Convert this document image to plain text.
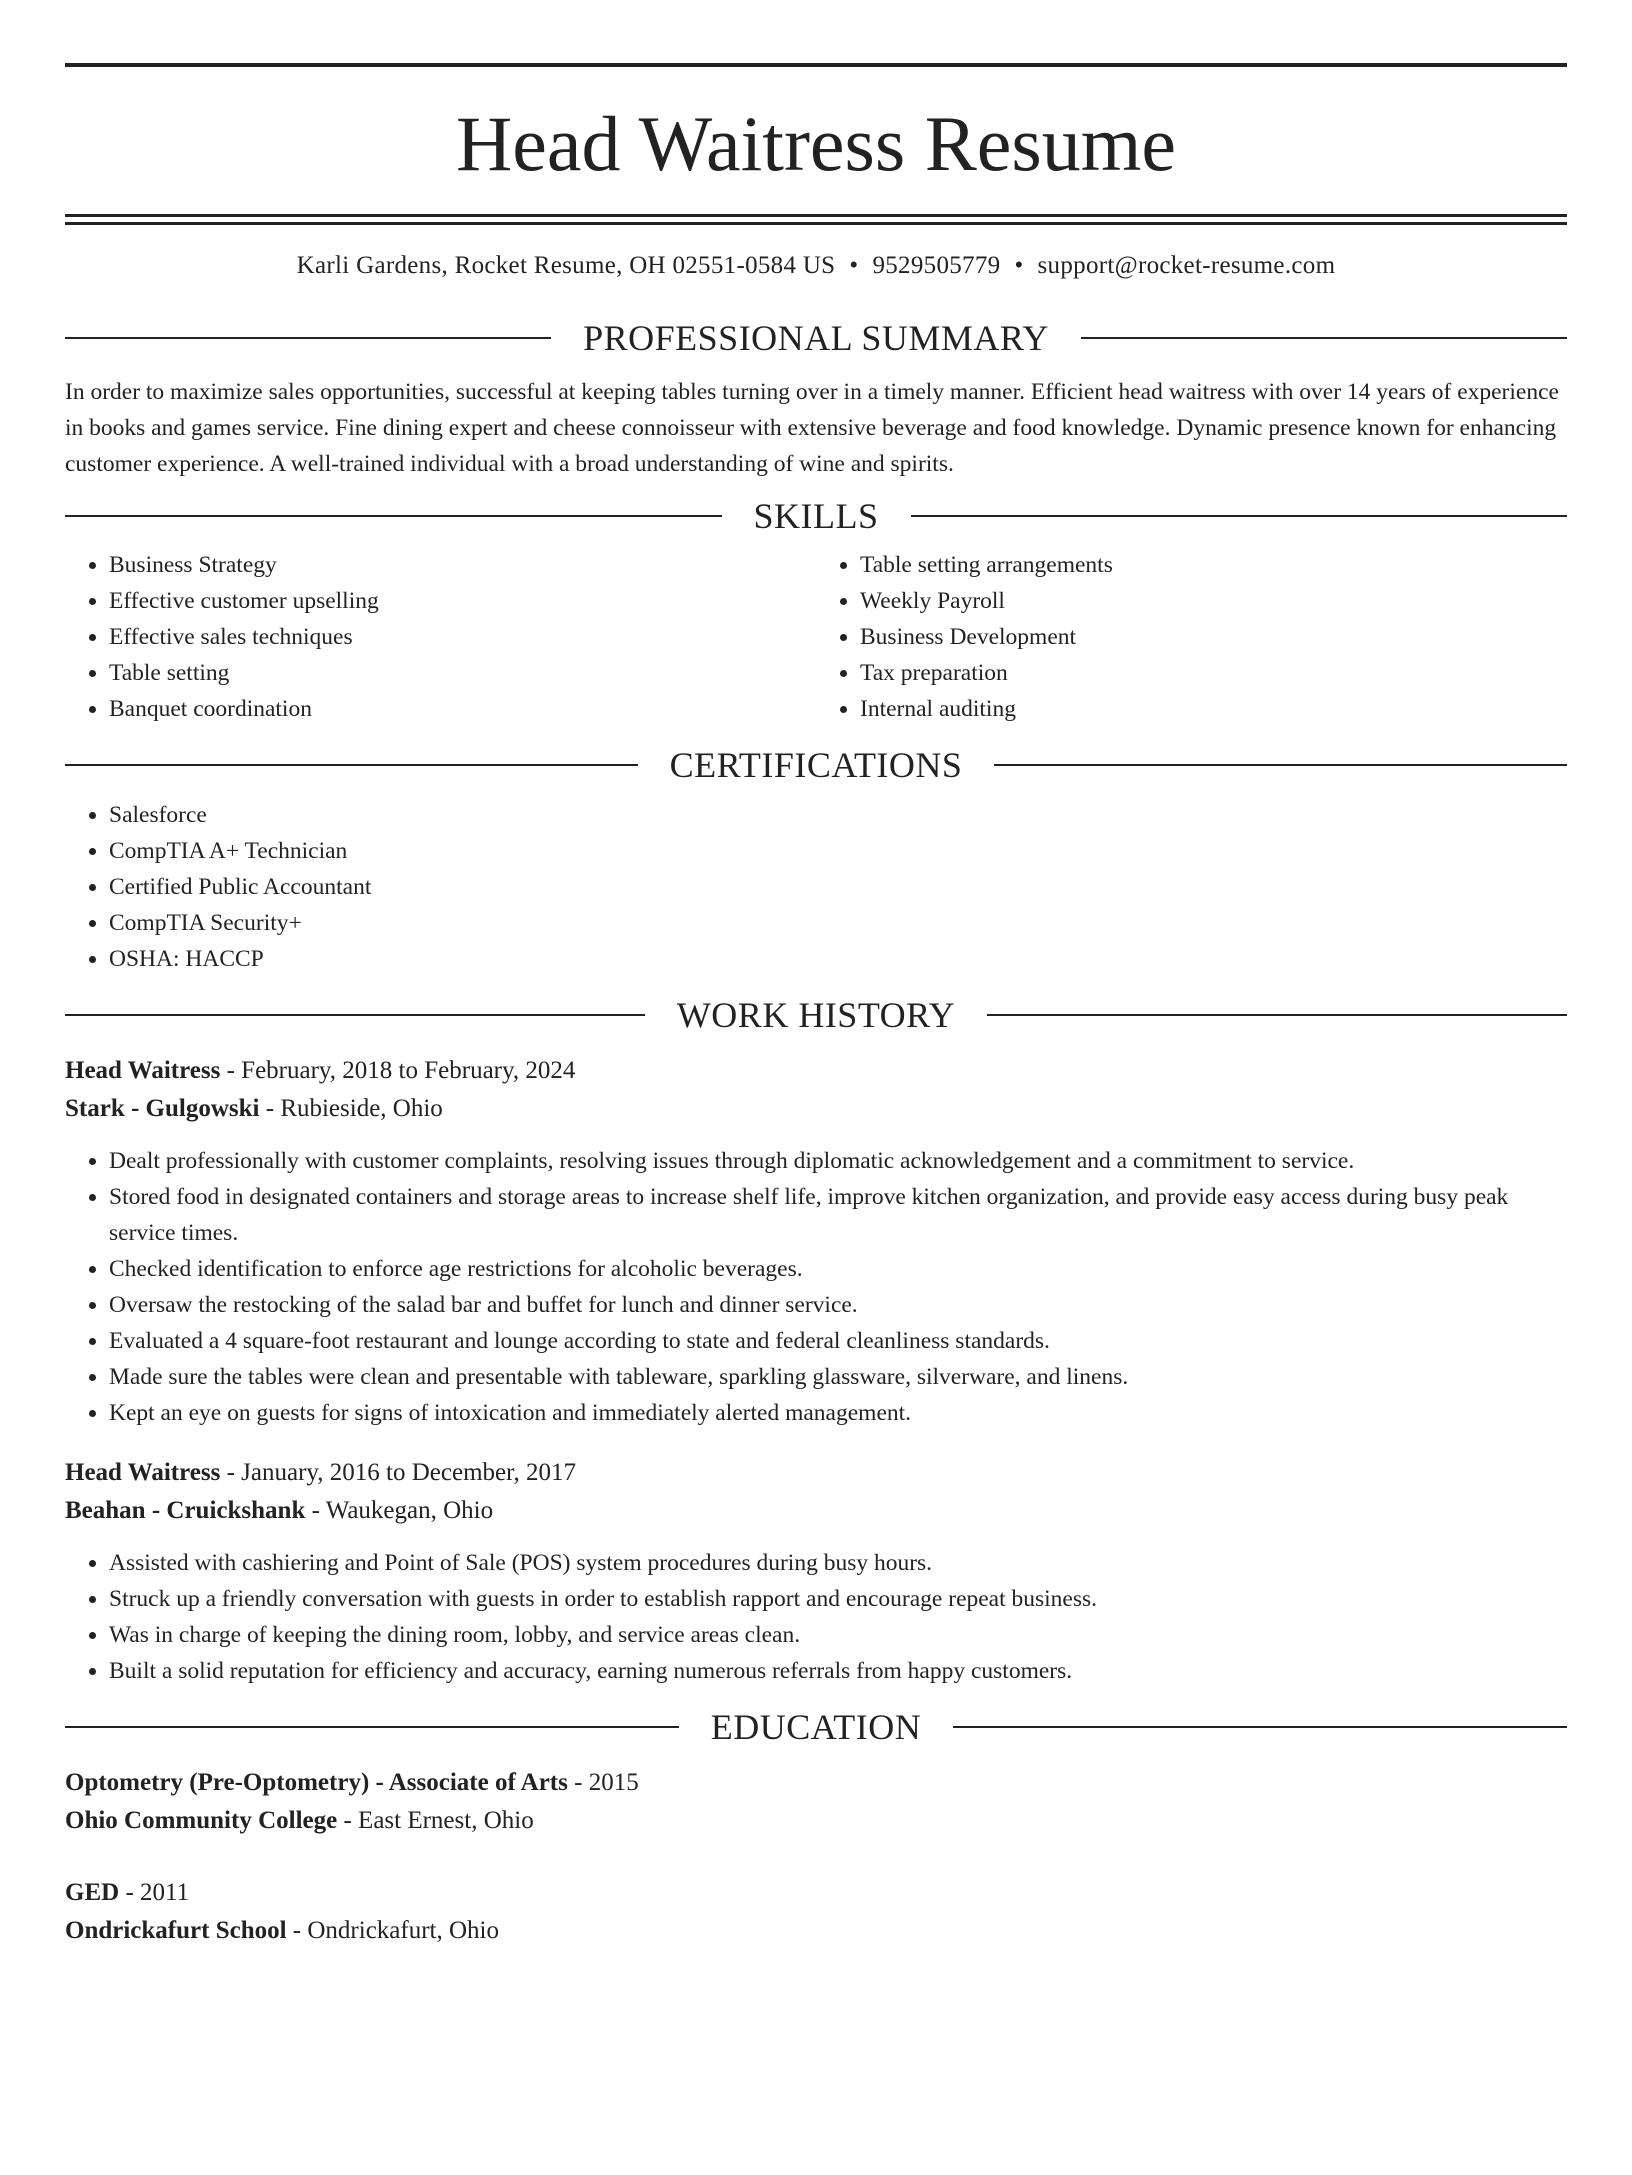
Head Waitress Resume
Karli Gardens, Rocket Resume, OH 02551-0584 US • 9529505779 • support@rocket-resume.com
PROFESSIONAL SUMMARY

In order to maximize sales opportunities, successful at keeping tables turning over in a timely manner. Efficient head waitress with over 14 years of experience in books and games service. Fine dining expert and cheese connoisseur with extensive beverage and food knowledge. Dynamic presence known for enhancing customer experience. A well-trained individual with a broad understanding of wine and spirits.

SKILLS
• Business Strategy
• Effective customer upselling
• Effective sales techniques
• Table setting
• Banquet coordination
• Table setting arrangements
• Weekly Payroll
• Business Development
• Tax preparation
• Internal auditing
CERTIFICATIONS
• Salesforce
• CompTIA A+ Technician
• Certified Public Accountant
• CompTIA Security+
• OSHA: HACCP
WORK HISTORY
Head Waitress - February, 2018 to February, 2024
Stark - Gulgowski - Rubieside, Ohio
• Dealt professionally with customer complaints, resolving issues through diplomatic acknowledgement and a commitment to service.
• Stored food in designated containers and storage areas to increase shelf life, improve kitchen organization, and provide easy access during busy peak service times.
• Checked identification to enforce age restrictions for alcoholic beverages.
• Oversaw the restocking of the salad bar and buffet for lunch and dinner service.
• Evaluated a 4 square-foot restaurant and lounge according to state and federal cleanliness standards.
• Made sure the tables were clean and presentable with tableware, sparkling glassware, silverware, and linens.
• Kept an eye on guests for signs of intoxication and immediately alerted management.
Head Waitress - January, 2016 to December, 2017
Beahan - Cruickshank - Waukegan, Ohio
• Assisted with cashiering and Point of Sale (POS) system procedures during busy hours.
• Struck up a friendly conversation with guests in order to establish rapport and encourage repeat business.
• Was in charge of keeping the dining room, lobby, and service areas clean.
• Built a solid reputation for efficiency and accuracy, earning numerous referrals from happy customers.
EDUCATION
Optometry (Pre-Optometry) - Associate of Arts - 2015
Ohio Community College - East Ernest, Ohio
GED - 2011
Ondrickafurt School - Ondrickafurt, Ohio
